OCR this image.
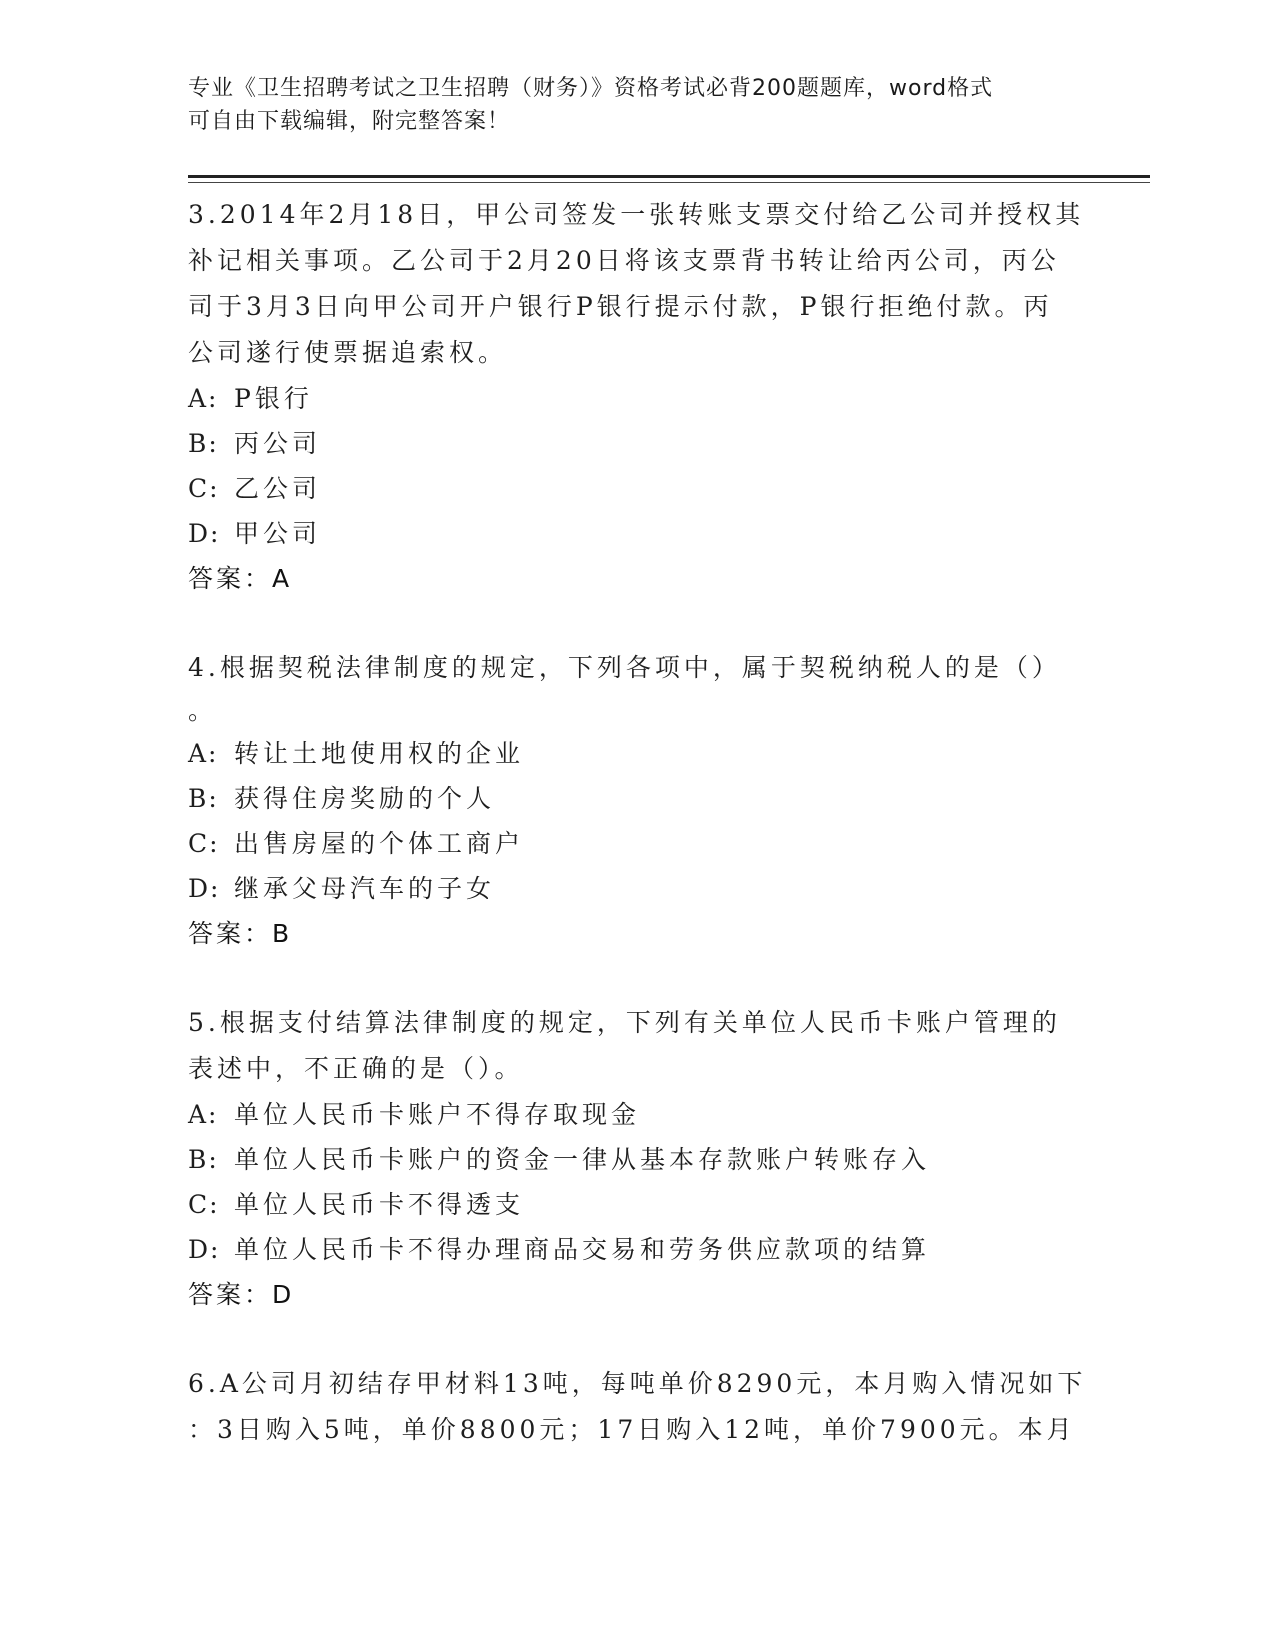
专业《卫生招聘考试之卫生招聘（财务）》资格考试必背200题题库，word格式
可自由下载编辑，附完整答案！
3.2014年2月18日，甲公司签发一张转账支票交付给乙公司并授权其
补记相关事项。乙公司于2月20日将该支票背书转让给丙公司，丙公
司于3月3日向甲公司开户银行P银行提示付款，P银行拒绝付款。丙
公司遂行使票据追索权。
A: P银行
B: 丙公司
C: 乙公司
D: 甲公司
答案：A
4.根据契税法律制度的规定，下列各项中，属于契税纳税人的是（）
。
A: 转让土地使用权的企业
B: 获得住房奖励的个人
C: 出售房屋的个体工商户
D: 继承父母汽车的子女
答案：B
5.根据支付结算法律制度的规定，下列有关单位人民币卡账户管理的
表述中，不正确的是（）。
A: 单位人民币卡账户不得存取现金
B: 单位人民币卡账户的资金一律从基本存款账户转账存入
C: 单位人民币卡不得透支
D: 单位人民币卡不得办理商品交易和劳务供应款项的结算
答案：D
6.A公司月初结存甲材料13吨，每吨单价8290元，本月购入情况如下
：3日购入5吨，单价8800元；17日购入12吨，单价7900元。本月
